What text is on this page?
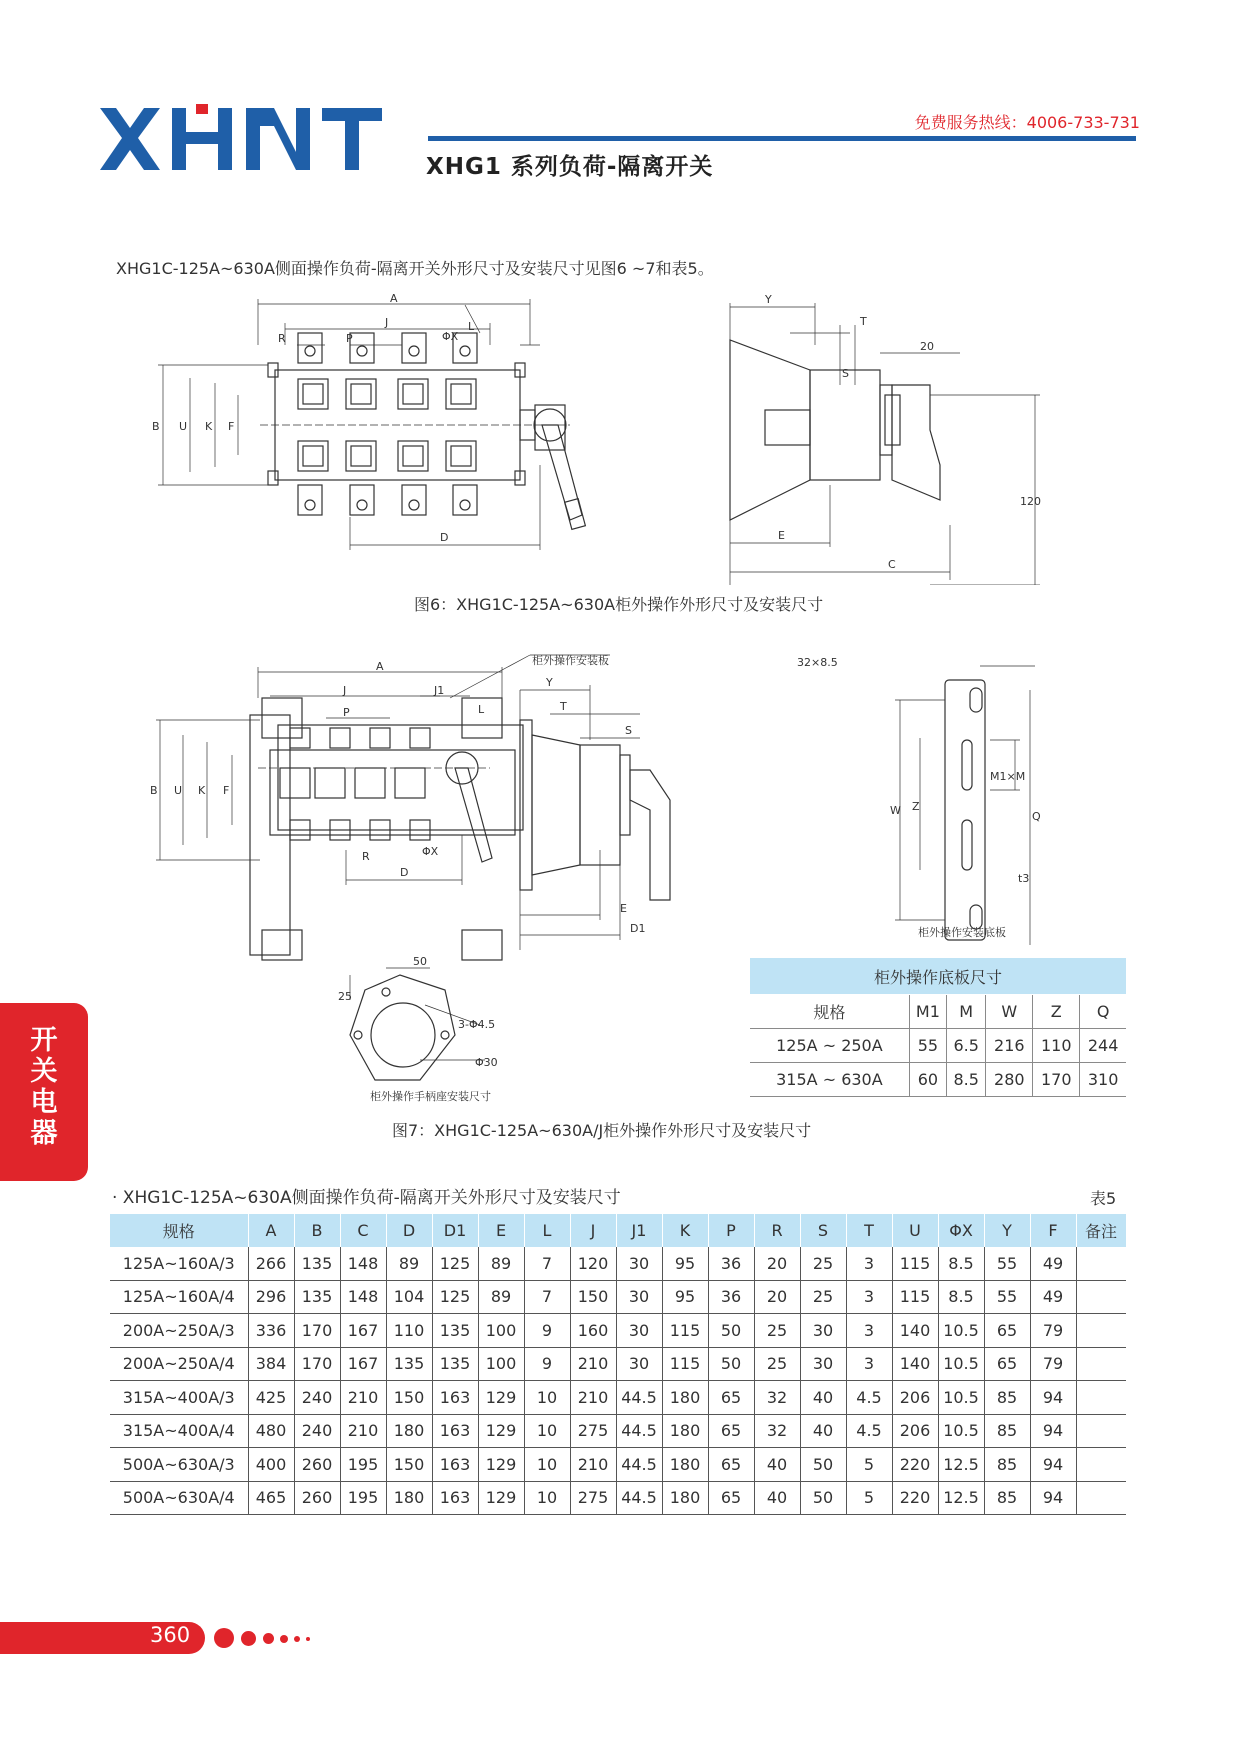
免费服务热线：4006-733-731
XHG1 系列负荷-隔离开关
XHG1C-125A~630A侧面操作负荷-隔离开关外形尺寸及安装尺寸见图6 ~7和表5。
A
J
R	P	ΦX
L
B U K F
D
Y
T
S
20
120
E
C
图6：XHG1C-125A~630A柜外操作外形尺寸及安装尺寸
A
J	J1
P	L
B U K F
R	ΦX
D
柜外操作安装板
Y
T
S
E
D1
32×8.5
W Z
M1×M
Q
t3
柜外操作安装底板
50
25
3-Φ4.5
Φ30
柜外操作手柄座安装尺寸
柜外操作底板尺寸					
规格	M1	M	W	Z	Q
125A ~ 250A	55	6.5	216	110	244
315A ~ 630A	60	8.5	280	170	310
图7：XHG1C-125A~630A/J柜外操作外形尺寸及安装尺寸
开
关
电
器
· XHG1C-125A~630A侧面操作负荷-隔离开关外形尺寸及安装尺寸	表5
规格	A	B	C	D	D1	E	L	J	J1	K	P	R	S	T	U	ΦX	Y	F	备注
125A~160A/3	266	135	148	89	125	89	7	120	30	95	36	20	25	3	115	8.5	55	49	
125A~160A/4	296	135	148	104	125	89	7	150	30	95	36	20	25	3	115	8.5	55	49	
200A~250A/3	336	170	167	110	135	100	9	160	30	115	50	25	30	3	140	10.5	65	79	
200A~250A/4	384	170	167	135	135	100	9	210	30	115	50	25	30	3	140	10.5	65	79	
315A~400A/3	425	240	210	150	163	129	10	210	44.5	180	65	32	40	4.5	206	10.5	85	94	
315A~400A/4	480	240	210	180	163	129	10	275	44.5	180	65	32	40	4.5	206	10.5	85	94	
500A~630A/3	400	260	195	150	163	129	10	210	44.5	180	65	40	50	5	220	12.5	85	94	
500A~630A/4	465	260	195	180	163	129	10	275	44.5	180	65	40	50	5	220	12.5	85	94	
360
